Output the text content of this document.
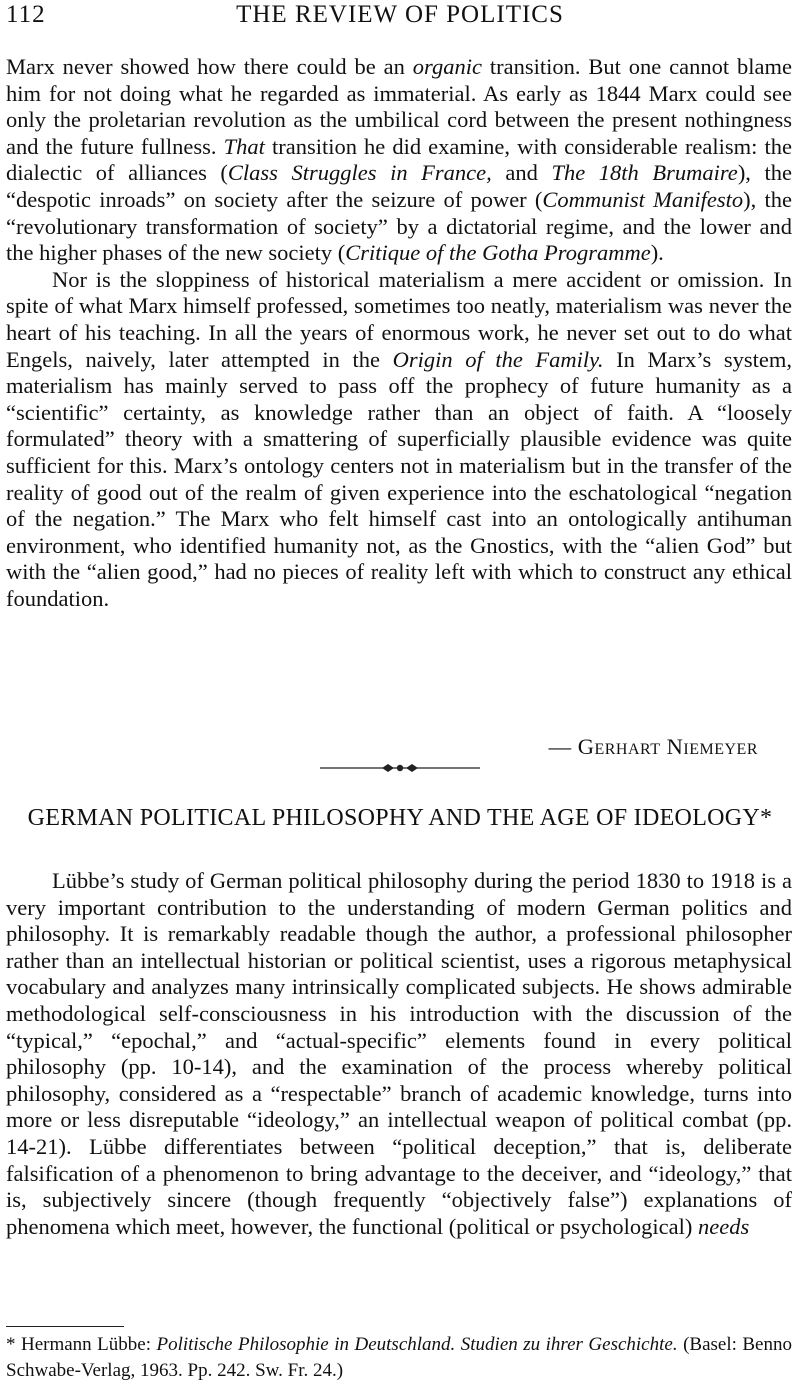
112	THE REVIEW OF POLITICS

Marx never showed how there could be an organic transition. But one cannot blame him for not doing what he regarded as immaterial. As early as 1844 Marx could see only the proletarian revolution as the umbilical cord between the present nothingness and the future fullness. That transition he did examine, with considerable realism: the dialectic of alliances (Class Struggles in France, and The 18th Brumaire), the “despotic inroads” on society after the seizure of power (Communist Manifesto), the “revolutionary transformation of society” by a dictatorial regime, and the lower and the higher phases of the new society (Critique of the Gotha Programme).

Nor is the sloppiness of historical materialism a mere accident or omission. In spite of what Marx himself professed, sometimes too neatly, materialism was never the heart of his teaching. In all the years of enormous work, he never set out to do what Engels, naively, later attempted in the Origin of the Family. In Marx’s system, materialism has mainly served to pass off the prophecy of future humanity as a “scientific” certainty, as knowledge rather than an object of faith. A “loosely formulated” theory with a smattering of superficially plausible evidence was quite sufficient for this. Marx’s ontology centers not in materialism but in the transfer of the reality of good out of the realm of given experience into the eschatological “negation of the negation.” The Marx who felt himself cast into an ontologically antihuman environment, who identified humanity not, as the Gnostics, with the “alien God” but with the “alien good,” had no pieces of reality left with which to construct any ethical foundation.

— Gerhart Niemeyer
GERMAN POLITICAL PHILOSOPHY AND THE AGE OF IDEOLOGY*

Lübbe’s study of German political philosophy during the period 1830 to 1918 is a very important contribution to the understanding of modern German politics and philosophy. It is remarkably readable though the author, a professional philosopher rather than an intellectual historian or political scientist, uses a rigorous metaphysical vocabulary and analyzes many intrinsically complicated subjects. He shows admirable methodological self-consciousness in his introduction with the discussion of the “typical,” “epochal,” and “actual-specific” elements found in every political philosophy (pp. 10-14), and the examination of the process whereby political philosophy, considered as a “respectable” branch of academic knowledge, turns into more or less disreputable “ideology,” an intellectual weapon of political combat (pp. 14-21). Lübbe differentiates between “political deception,” that is, deliberate falsification of a phenomenon to bring advantage to the deceiver, and “ideology,” that is, subjectively sincere (though frequently “objectively false”) explanations of phenomena which meet, however, the functional (political or psychological) needs

* Hermann Lübbe: Politische Philosophie in Deutschland. Studien zu ihrer Geschichte. (Basel: Benno Schwabe-Verlag, 1963. Pp. 242. Sw. Fr. 24.)
